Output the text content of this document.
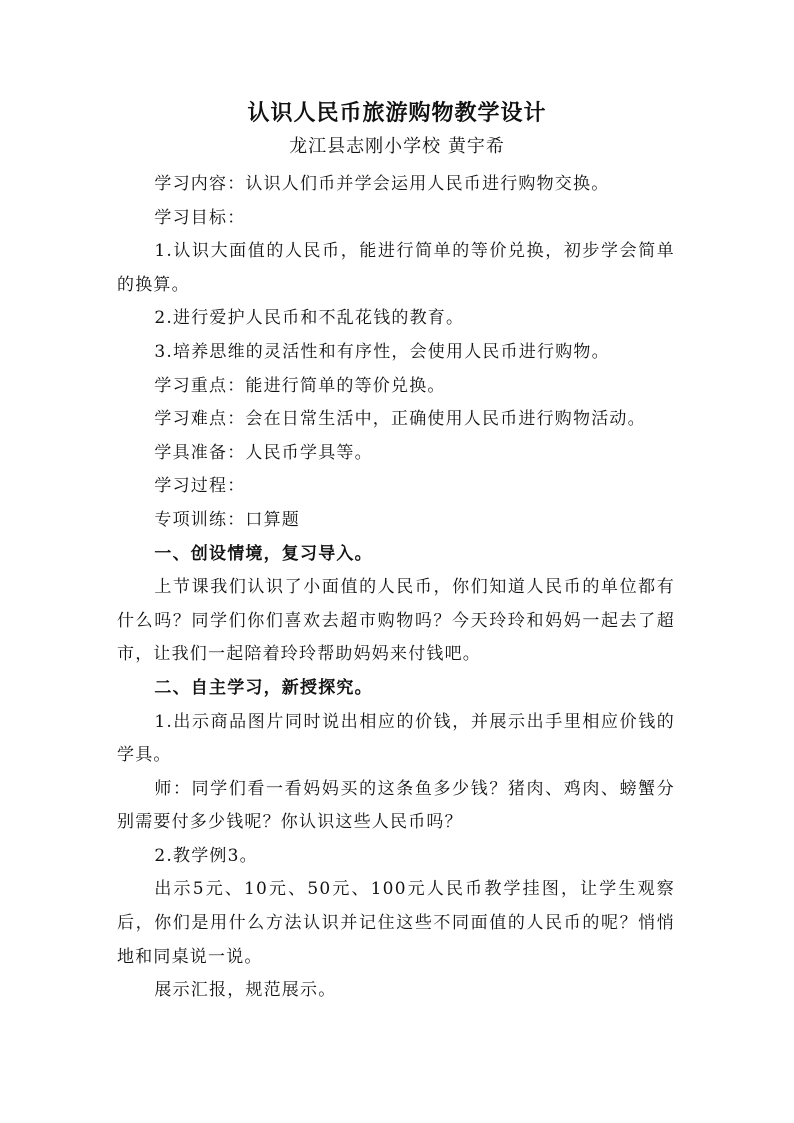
认识人民币旅游购物教学设计
龙江县志刚小学校 黄宇希

学习内容：认识人们币并学会运用人民币进行购物交换。

学习目标：

1.认识大面值的人民币，能进行简单的等价兑换，初步学会简单的换算。

2.进行爱护人民币和不乱花钱的教育。

3.培养思维的灵活性和有序性，会使用人民币进行购物。

学习重点：能进行简单的等价兑换。

学习难点：会在日常生活中，正确使用人民币进行购物活动。

学具准备：人民币学具等。

学习过程：

专项训练：口算题

一、创设情境，复习导入。

上节课我们认识了小面值的人民币，你们知道人民币的单位都有什么吗？同学们你们喜欢去超市购物吗？今天玲玲和妈妈一起去了超市，让我们一起陪着玲玲帮助妈妈来付钱吧。

二、自主学习，新授探究。

1.出示商品图片同时说出相应的价钱，并展示出手里相应价钱的学具。

师：同学们看一看妈妈买的这条鱼多少钱？猪肉、鸡肉、螃蟹分别需要付多少钱呢？你认识这些人民币吗？

2.教学例3。

出示5元、10元、50元、100元人民币教学挂图，让学生观察后，你们是用什么方法认识并记住这些不同面值的人民币的呢？悄悄地和同桌说一说。

展示汇报，规范展示。
